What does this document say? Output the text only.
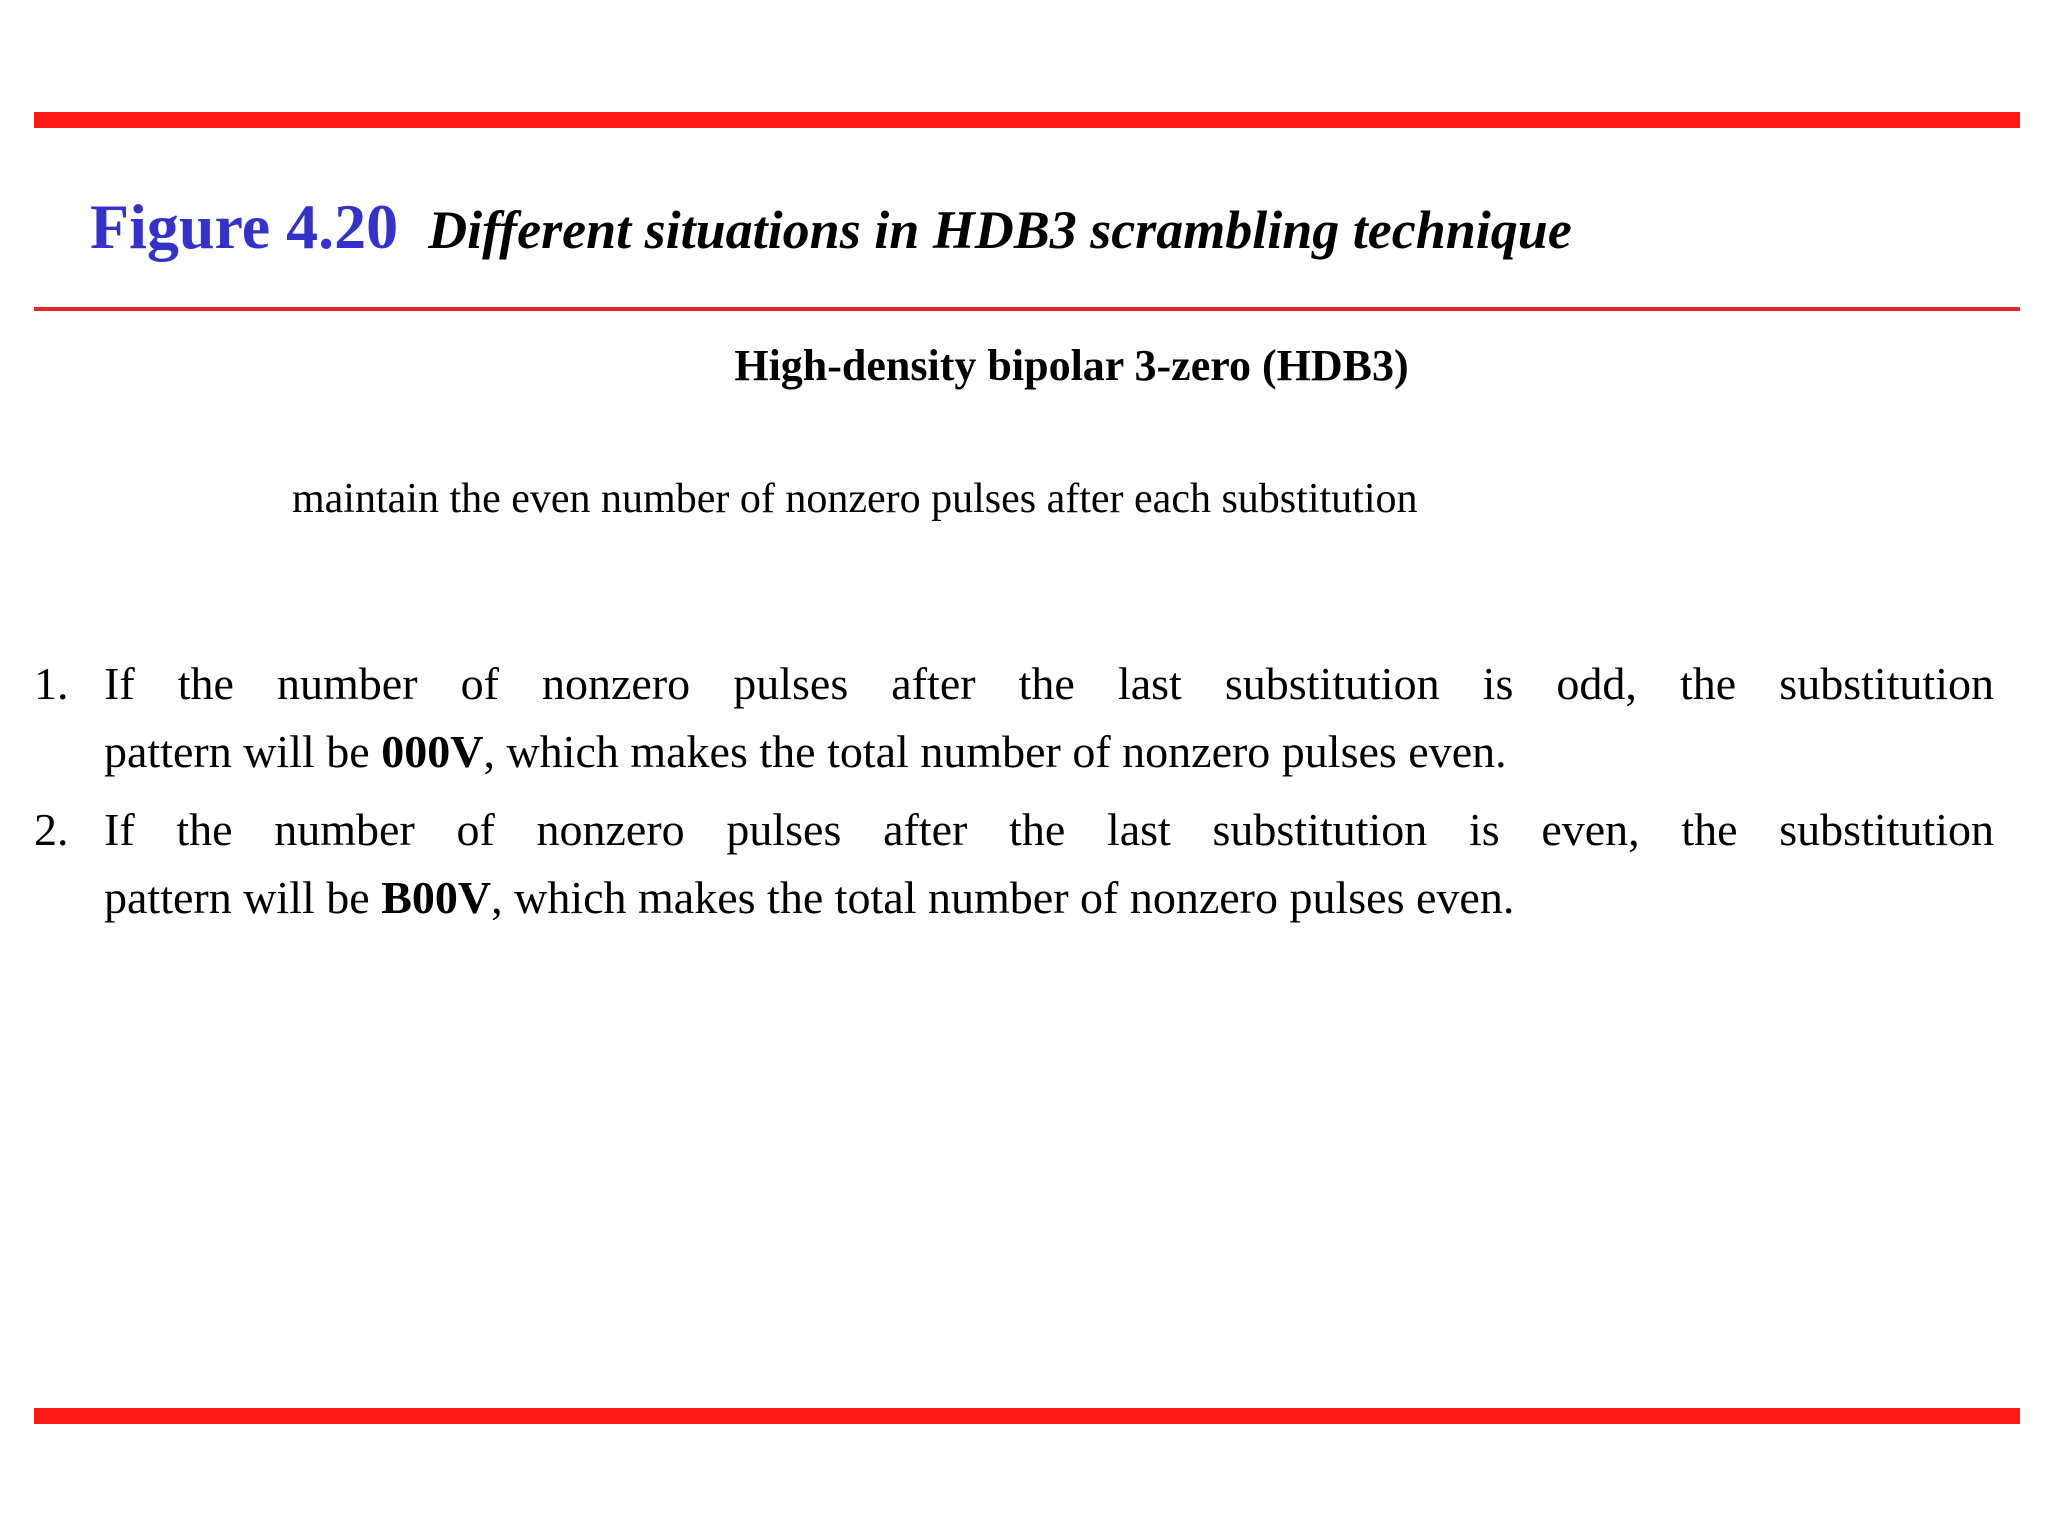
Figure 4.20 Different situations in HDB3 scrambling technique
High-density bipolar 3-zero (HDB3)
maintain the even number of nonzero pulses after each substitution
1. If the number of nonzero pulses after the last substitution is odd, the substitution
pattern will be 000V, which makes the total number of nonzero pulses even.
2. If the number of nonzero pulses after the last substitution is even, the substitution
pattern will be B00V, which makes the total number of nonzero pulses even.
